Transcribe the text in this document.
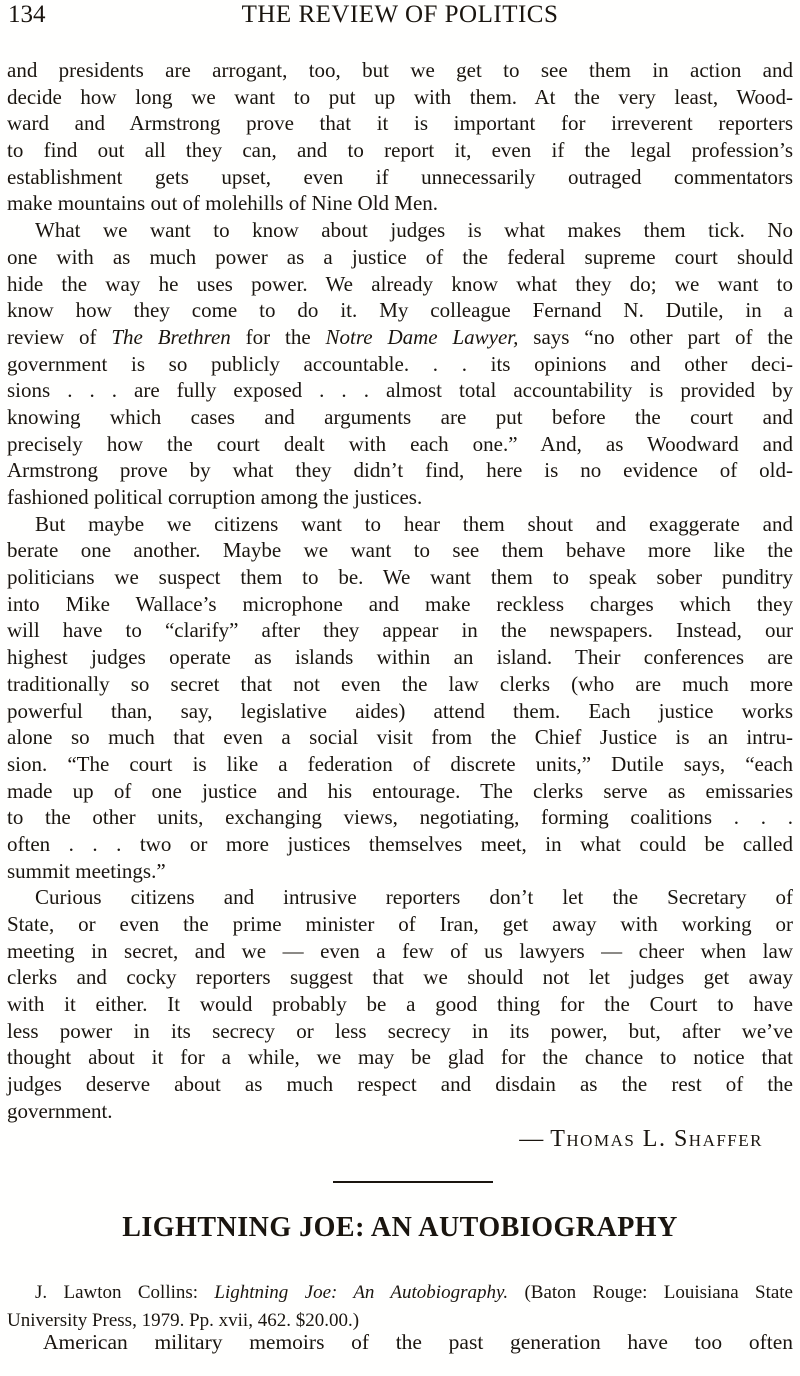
134	THE REVIEW OF POLITICS
and presidents are arrogant, too, but we get to see them in action and
decide how long we want to put up with them. At the very least, Wood-
ward and Armstrong prove that it is important for irreverent reporters
to find out all they can, and to report it, even if the legal profession’s
establishment gets upset, even if unnecessarily outraged commentators
make mountains out of molehills of Nine Old Men.
What we want to know about judges is what makes them tick. No
one with as much power as a justice of the federal supreme court should
hide the way he uses power. We already know what they do; we want to
know how they come to do it. My colleague Fernand N. Dutile, in a
review of The Brethren for the Notre Dame Lawyer, says “no other part of the
government is so publicly accountable. . . its opinions and other deci-
sions . . . are fully exposed . . . almost total accountability is provided by
knowing which cases and arguments are put before the court and
precisely how the court dealt with each one.” And, as Woodward and
Armstrong prove by what they didn’t find, here is no evidence of old-
fashioned political corruption among the justices.
But maybe we citizens want to hear them shout and exaggerate and
berate one another. Maybe we want to see them behave more like the
politicians we suspect them to be. We want them to speak sober punditry
into Mike Wallace’s microphone and make reckless charges which they
will have to “clarify” after they appear in the newspapers. Instead, our
highest judges operate as islands within an island. Their conferences are
traditionally so secret that not even the law clerks (who are much more
powerful than, say, legislative aides) attend them. Each justice works
alone so much that even a social visit from the Chief Justice is an intru-
sion. “The court is like a federation of discrete units,” Dutile says, “each
made up of one justice and his entourage. The clerks serve as emissaries
to the other units, exchanging views, negotiating, forming coalitions . . .
often . . . two or more justices themselves meet, in what could be called
summit meetings.”
Curious citizens and intrusive reporters don’t let the Secretary of
State, or even the prime minister of Iran, get away with working or
meeting in secret, and we — even a few of us lawyers — cheer when law
clerks and cocky reporters suggest that we should not let judges get away
with it either. It would probably be a good thing for the Court to have
less power in its secrecy or less secrecy in its power, but, after we’ve
thought about it for a while, we may be glad for the chance to notice that
judges deserve about as much respect and disdain as the rest of the
government.
— Thomas L. Shaffer
LIGHTNING JOE: AN AUTOBIOGRAPHY
J. Lawton Collins: Lightning Joe: An Autobiography. (Baton Rouge: Louisiana State
University Press, 1979. Pp. xvii, 462. $20.00.)
American military memoirs of the past generation have too often
